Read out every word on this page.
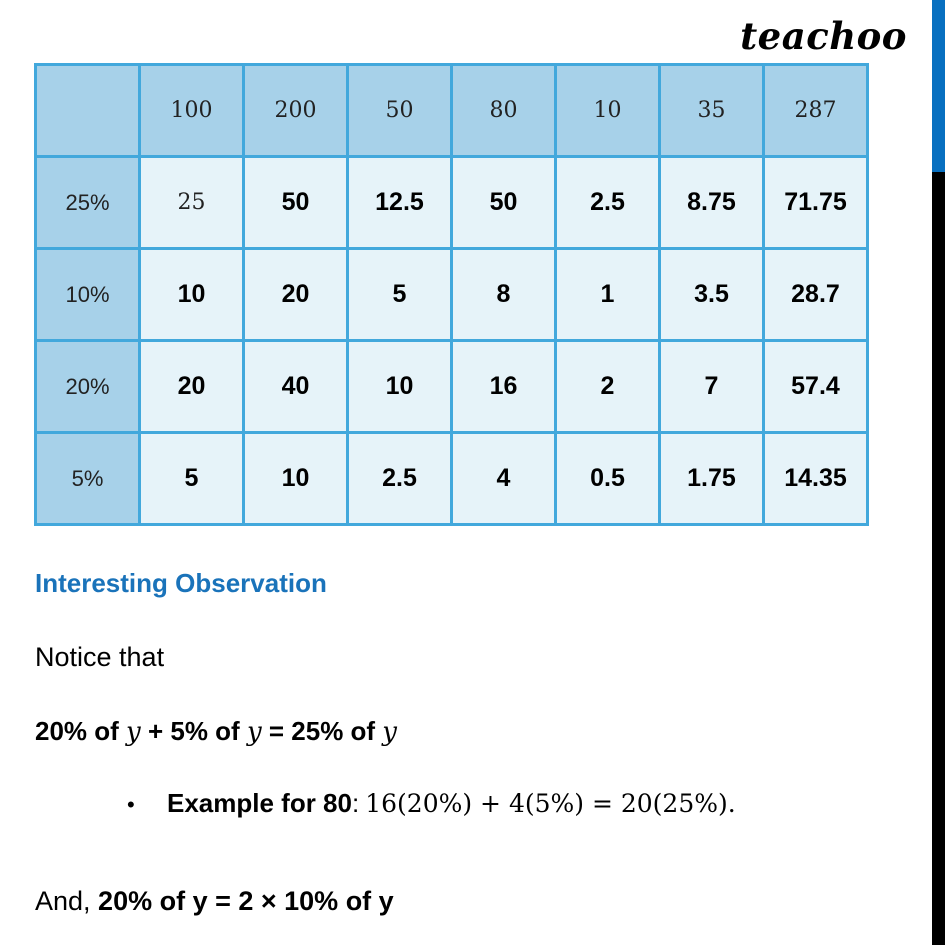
teachoo
	100	200	50	80	10	35	287
25%	25	50	12.5	50	2.5	8.75	71.75
10%	10	20	5	8	1	3.5	28.7
20%	20	40	10	16	2	7	57.4
5%	5	10	2.5	4	0.5	1.75	14.35
Interesting Observation
Notice that
20% of y + 5% of y = 25% of y
•	Example for 80 : 16(20%) + 4(5%) = 20(25%).
And, 20% of y = 2 × 10% of y
